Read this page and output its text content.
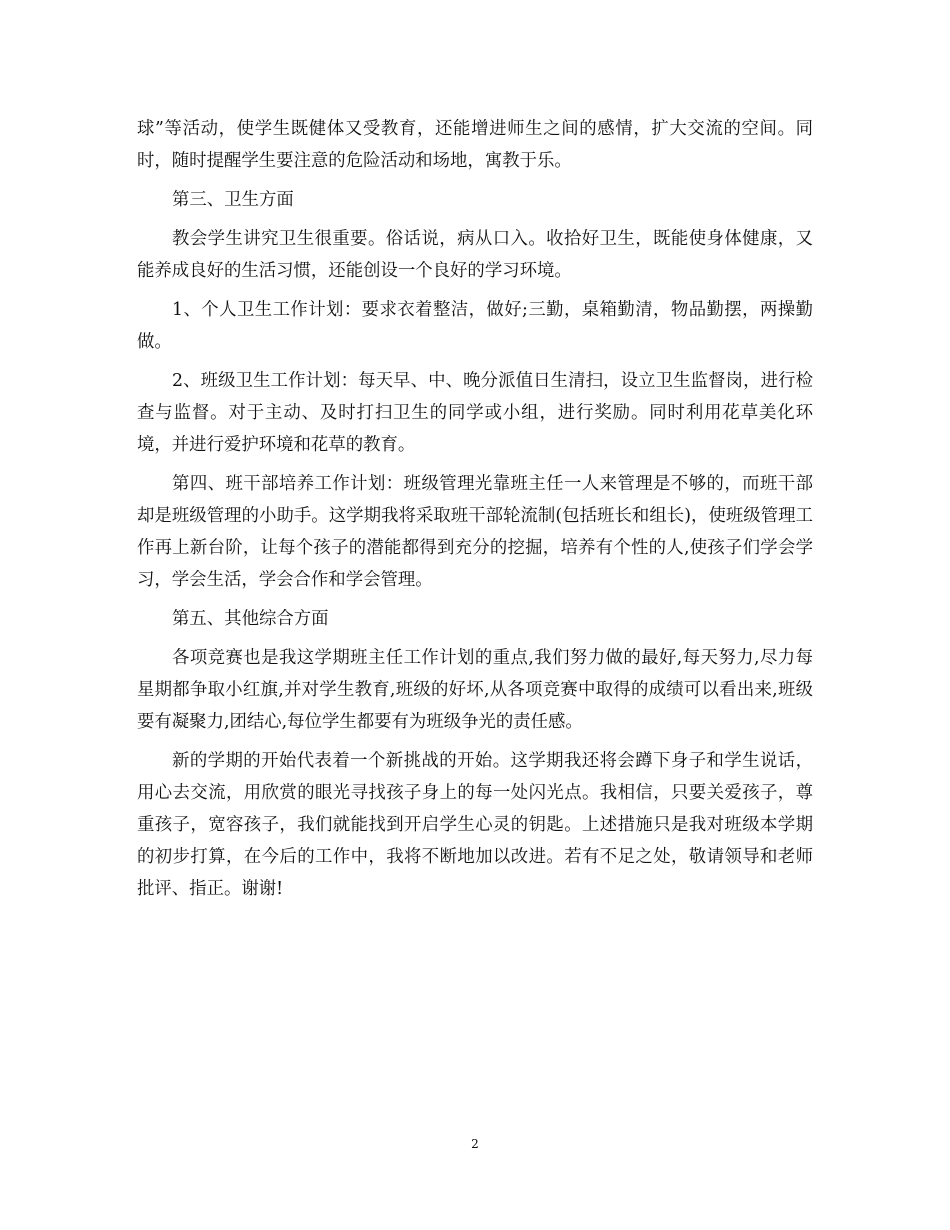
球”等活动，使学生既健体又受教育，还能增进师生之间的感情，扩大交流的空间。同时，随时提醒学生要注意的危险活动和场地，寓教于乐。

第三、卫生方面

教会学生讲究卫生很重要。俗话说，病从口入。收拾好卫生，既能使身体健康，又能养成良好的生活习惯，还能创设一个良好的学习环境。

1、个人卫生工作计划：要求衣着整洁，做好;三勤，桌箱勤清，物品勤摆，两操勤做。

2、班级卫生工作计划：每天早、中、晚分派值日生清扫，设立卫生监督岗，进行检查与监督。对于主动、及时打扫卫生的同学或小组，进行奖励。同时利用花草美化环境，并进行爱护环境和花草的教育。

第四、班干部培养工作计划：班级管理光靠班主任一人来管理是不够的，而班干部却是班级管理的小助手。这学期我将采取班干部轮流制(包括班长和组长)，使班级管理工作再上新台阶，让每个孩子的潜能都得到充分的挖掘，培养有个性的人,使孩子们学会学习，学会生活，学会合作和学会管理。

第五、其他综合方面

各项竞赛也是我这学期班主任工作计划的重点,我们努力做的最好,每天努力,尽力每星期都争取小红旗,并对学生教育,班级的好坏,从各项竞赛中取得的成绩可以看出来,班级要有凝聚力,团结心,每位学生都要有为班级争光的责任感。

新的学期的开始代表着一个新挑战的开始。这学期我还将会蹲下身子和学生说话，用心去交流，用欣赏的眼光寻找孩子身上的每一处闪光点。我相信，只要关爱孩子，尊重孩子，宽容孩子，我们就能找到开启学生心灵的钥匙。上述措施只是我对班级本学期的初步打算，在今后的工作中，我将不断地加以改进。若有不足之处，敬请领导和老师批评、指正。谢谢!

2
